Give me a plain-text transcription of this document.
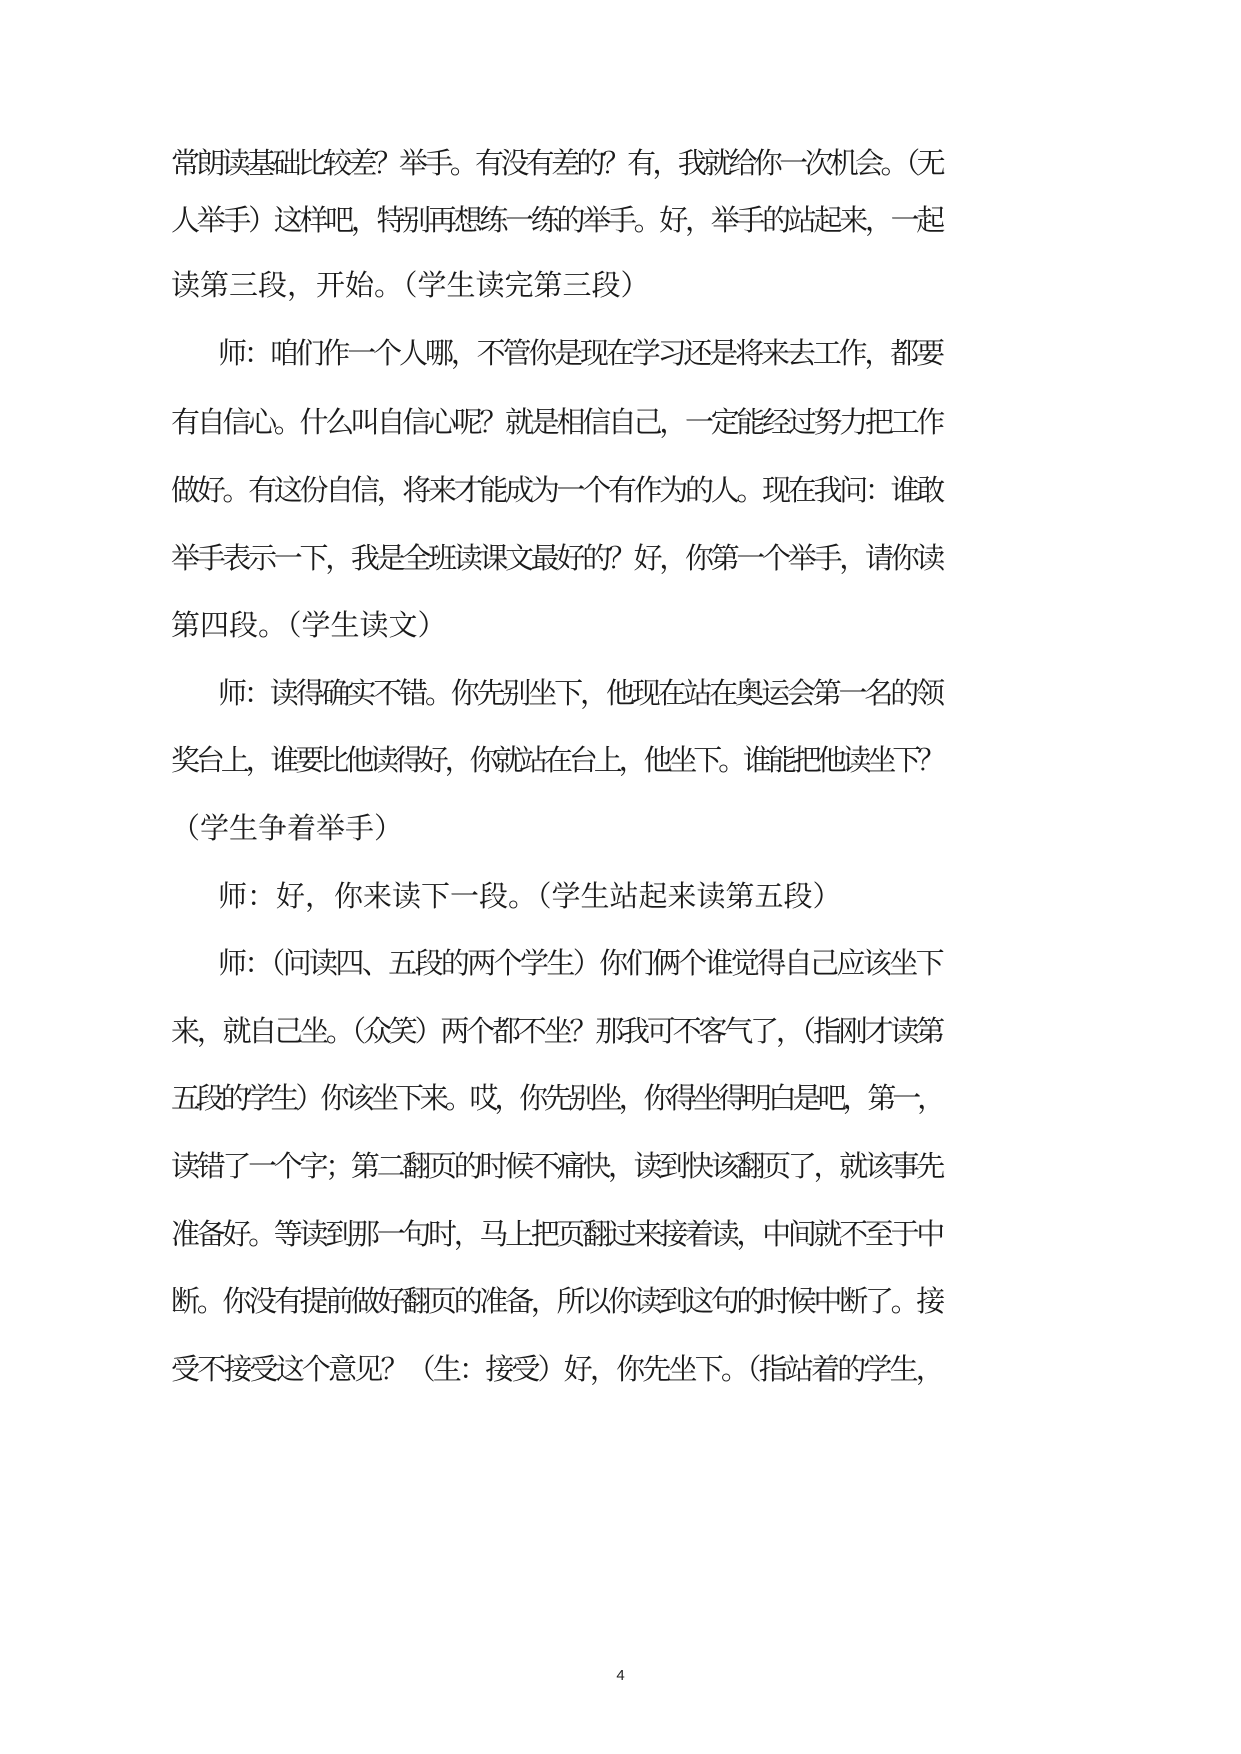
常朗读基础比较差？举手。有没有差的？有，我就给你一次机会。（无
人举手）这样吧，特别再想练一练的举手。好，举手的站起来，一起
读第三段，开始。（学生读完第三段）
师：咱们作一个人哪，不管你是现在学习还是将来去工作，都要
有自信心。什么叫自信心呢？就是相信自己，一定能经过努力把工作
做好。有这份自信，将来才能成为一个有作为的人。现在我问：谁敢
举手表示一下，我是全班读课文最好的？好，你第一个举手，请你读
第四段。（学生读文）
师：读得确实不错。你先别坐下，他现在站在奥运会第一名的领
奖台上，谁要比他读得好，你就站在台上，他坐下。谁能把他读坐下？
（学生争着举手）
师：好，你来读下一段。（学生站起来读第五段）
师：（问读四、五段的两个学生）你们俩个谁觉得自己应该坐下
来，就自己坐。（众笑）两个都不坐？那我可不客气了，（指刚才读第
五段的学生）你该坐下来。哎，你先别坐，你得坐得明白是吧，第一，
读错了一个字；第二翻页的时候不痛快，读到快该翻页了，就该事先
准备好。等读到那一句时，马上把页翻过来接着读，中间就不至于中
断。你没有提前做好翻页的准备，所以你读到这句的时候中断了。接
受不接受这个意见？（生：接受）好，你先坐下。（指站着的学生，
4
